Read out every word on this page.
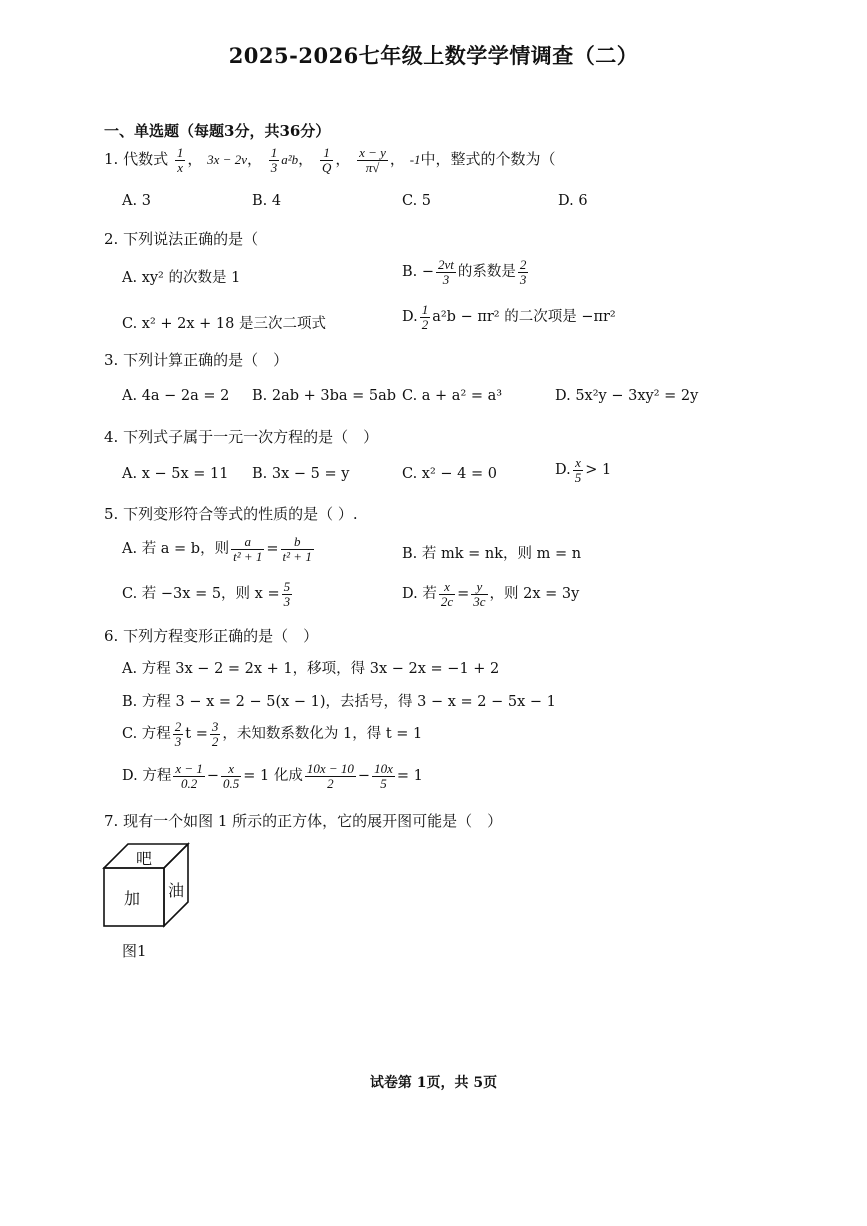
2025-2026七年级上数学学情调查（二）
一、单选题（每题3分，共36分）
1. 代数式 $\frac{1}{x}$ ， 3x − 2v， $\frac{1}{3} a^2b$， $\frac{1}{Q}$ ， $\frac{x - y}{\pi√}$ ， -1中，整式的个数为（
A. 3	B. 4	C. 5	D. 6
2. 下列说法正确的是（
A. xy² 的次数是 1	B. − $\frac{2vt}{3}$ 的系数是 $\frac{2}{3}$
C. x² + 2x + 18 是三次二项式	D. $\frac{1}{2} a^2b - \pi r^2$ 的二次项是 −πr²
3. 下列计算正确的是（　）
A. 4a − 2a = 2 B. 2ab + 3ba = 5ab C. a + a² = a³	D. 5x²y − 3xy² = 2y
4. 下列式子属于一元一次方程的是（　）
A. x − 5x = 11 B. 3x − 5 = y	C. x² − 4 = 0	D. $\frac{x}{5} > 1$
5. 下列变形符合等式的性质的是（ ）.
A. 若 a = b，则 $\frac{a}{\text{t² + 1}} = \frac{b}{\text{t² + 1}}$	B. 若 mk = nk，则 m = n
C. 若 −3x = 5，则 $x = \frac{5}{3}$	D. 若 $\frac{x}{2c} = \frac{y}{3c}$ ，则 2x = 3y
6. 下列方程变形正确的是（　）
A. 方程 3x − 2 = 2x + 1，移项，得 3x − 2x = −1 + 2
B. 方程 3 − x = 2 − 5(x − 1)，去括号，得 3 − x = 2 − 5x − 1
C. 方程 $\frac{2}{3}$ $t = \frac{3}{2}$ ，未知数系数化为 1，得 t = 1
D. 方程 $\frac{x - 1}{0.2} - \frac{x}{0.5} = 1$ 化成 $\frac{10x - 10}{2} - \frac{10x}{5} = 1$
7. 现有一个如图 1 所示的正方体，它的展开图可能是（　）
吧
加 油
图1
试卷第 1页，共 5页
